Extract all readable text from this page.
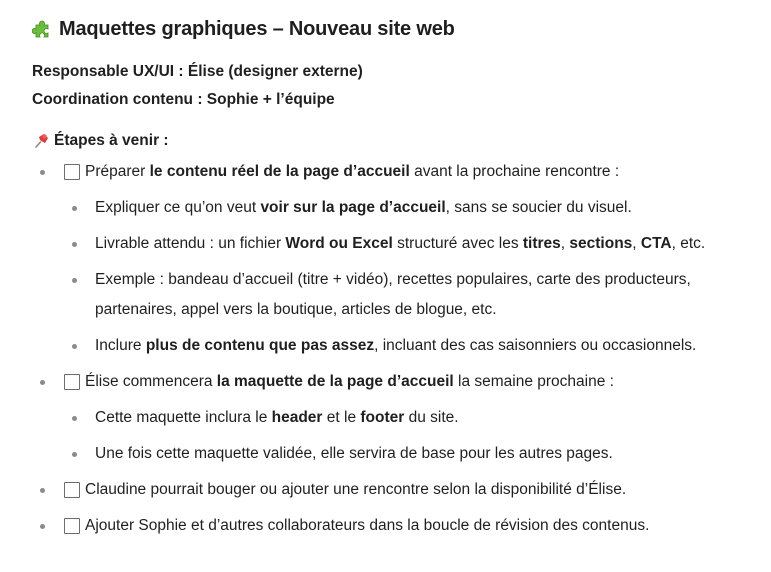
Maquettes graphiques – Nouveau site web
Responsable UX/UI : Élise (designer externe)
Coordination contenu : Sophie + l’équipe
Étapes à venir :
Préparer le contenu réel de la page d’accueil avant la prochaine rencontre :
Expliquer ce qu’on veut voir sur la page d’accueil, sans se soucier du visuel.
Livrable attendu : un fichier Word ou Excel structuré avec les titres, sections, CTA, etc.
Exemple : bandeau d’accueil (titre + vidéo), recettes populaires, carte des producteurs, partenaires, appel vers la boutique, articles de blogue, etc.
Inclure plus de contenu que pas assez, incluant des cas saisonniers ou occasionnels.
Élise commencera la maquette de la page d’accueil la semaine prochaine :
Cette maquette inclura le header et le footer du site.
Une fois cette maquette validée, elle servira de base pour les autres pages.
Claudine pourrait bouger ou ajouter une rencontre selon la disponibilité d’Élise.
Ajouter Sophie et d’autres collaborateurs dans la boucle de révision des contenus.
